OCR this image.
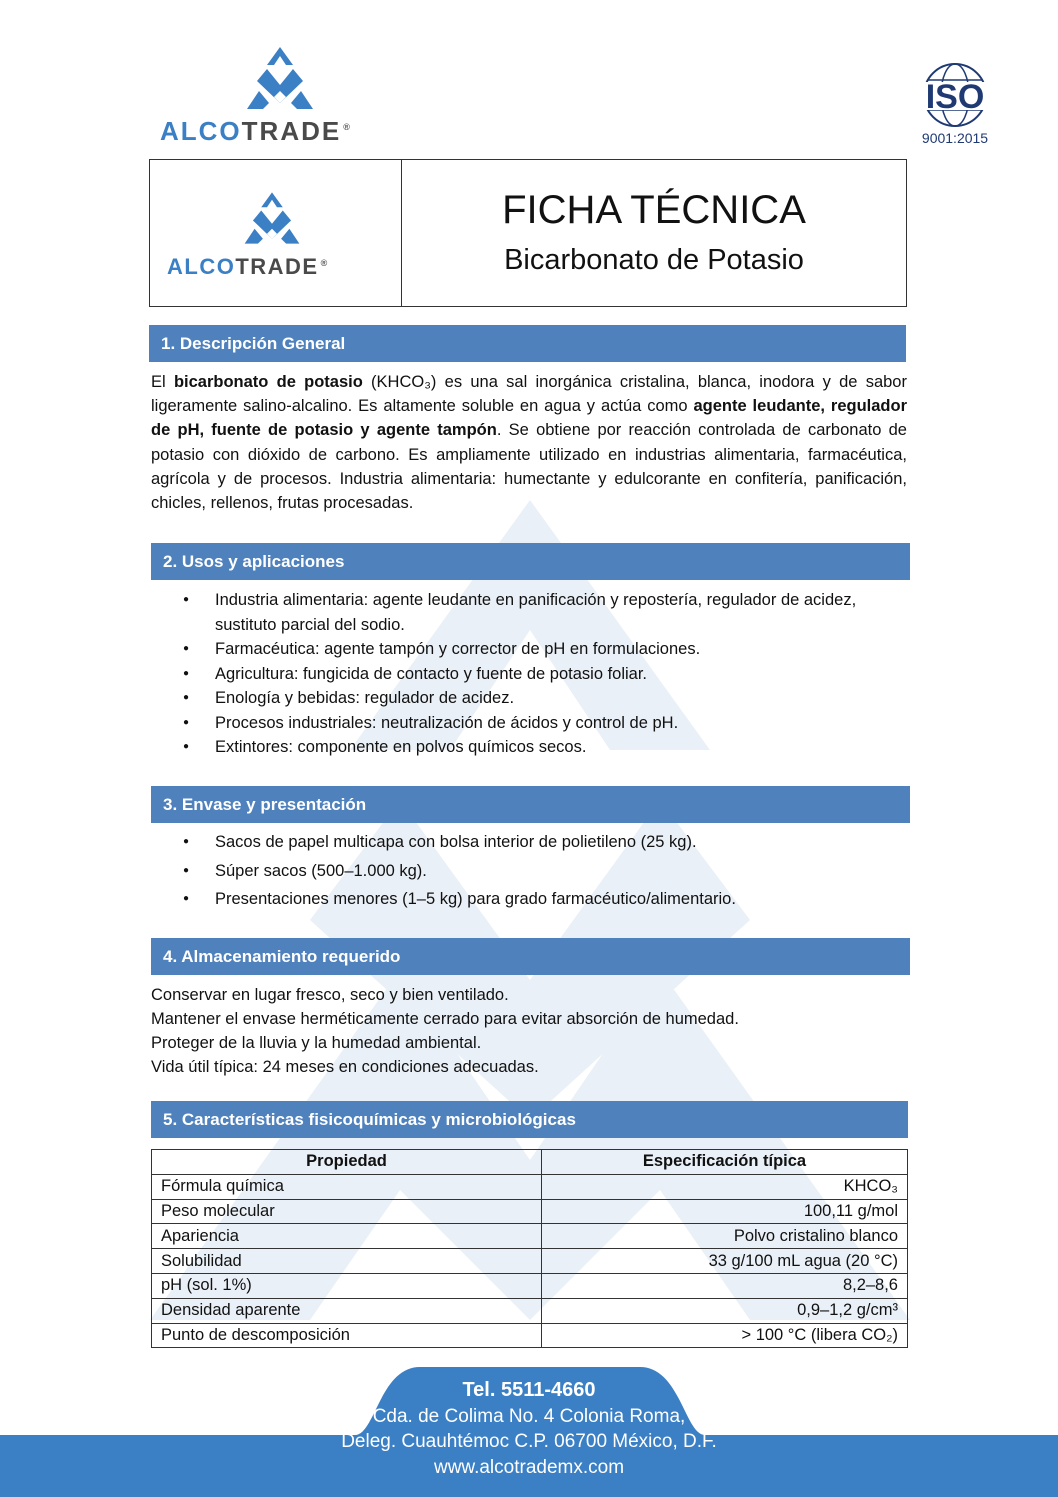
ALCOTRADE ®
ISO
9001:2015
ALCOTRADE ®
FICHA TÉCNICA
Bicarbonato de Potasio
1. Descripción General
El bicarbonato de potasio (KHCO₃) es una sal inorgánica cristalina, blanca, inodora y de sabor ligeramente salino-alcalino. Es altamente soluble en agua y actúa como agente leudante, regulador de pH, fuente de potasio y agente tampón. Se obtiene por reacción controlada de carbonato de potasio con dióxido de carbono. Es ampliamente utilizado en industrias alimentaria, farmacéutica, agrícola y de procesos. Industria alimentaria: humectante y edulcorante en confitería, panificación, chicles, rellenos, frutas procesadas.
2. Usos y aplicaciones
● Industria alimentaria: agente leudante en panificación y repostería, regulador de acidez, sustituto parcial del sodio.
● Farmacéutica: agente tampón y corrector de pH en formulaciones.
● Agricultura: fungicida de contacto y fuente de potasio foliar.
● Enología y bebidas: regulador de acidez.
● Procesos industriales: neutralización de ácidos y control de pH.
● Extintores: componente en polvos químicos secos.
3. Envase y presentación
● Sacos de papel multicapa con bolsa interior de polietileno (25 kg).
● Súper sacos (500–1.000 kg).
● Presentaciones menores (1–5 kg) para grado farmacéutico/alimentario.
4. Almacenamiento requerido
Conservar en lugar fresco, seco y bien ventilado.
Mantener el envase herméticamente cerrado para evitar absorción de humedad.
Proteger de la lluvia y la humedad ambiental.
Vida útil típica: 24 meses en condiciones adecuadas.
5. Características fisicoquímicas y microbiológicas
Propiedad	Especificación típica
Fórmula química	KHCO₃
Peso molecular	100,11 g/mol
Apariencia	Polvo cristalino blanco
Solubilidad	33 g/100 mL agua (20 °C)
pH (sol. 1%)	8,2–8,6
Densidad aparente	0,9–1,2 g/cm³
Punto de descomposición	> 100 °C (libera CO₂)
Tel. 5511-4660
Cda. de Colima No. 4 Colonia Roma,
Deleg. Cuauhtémoc C.P. 06700 México, D.F.
www.alcotrademx.com
